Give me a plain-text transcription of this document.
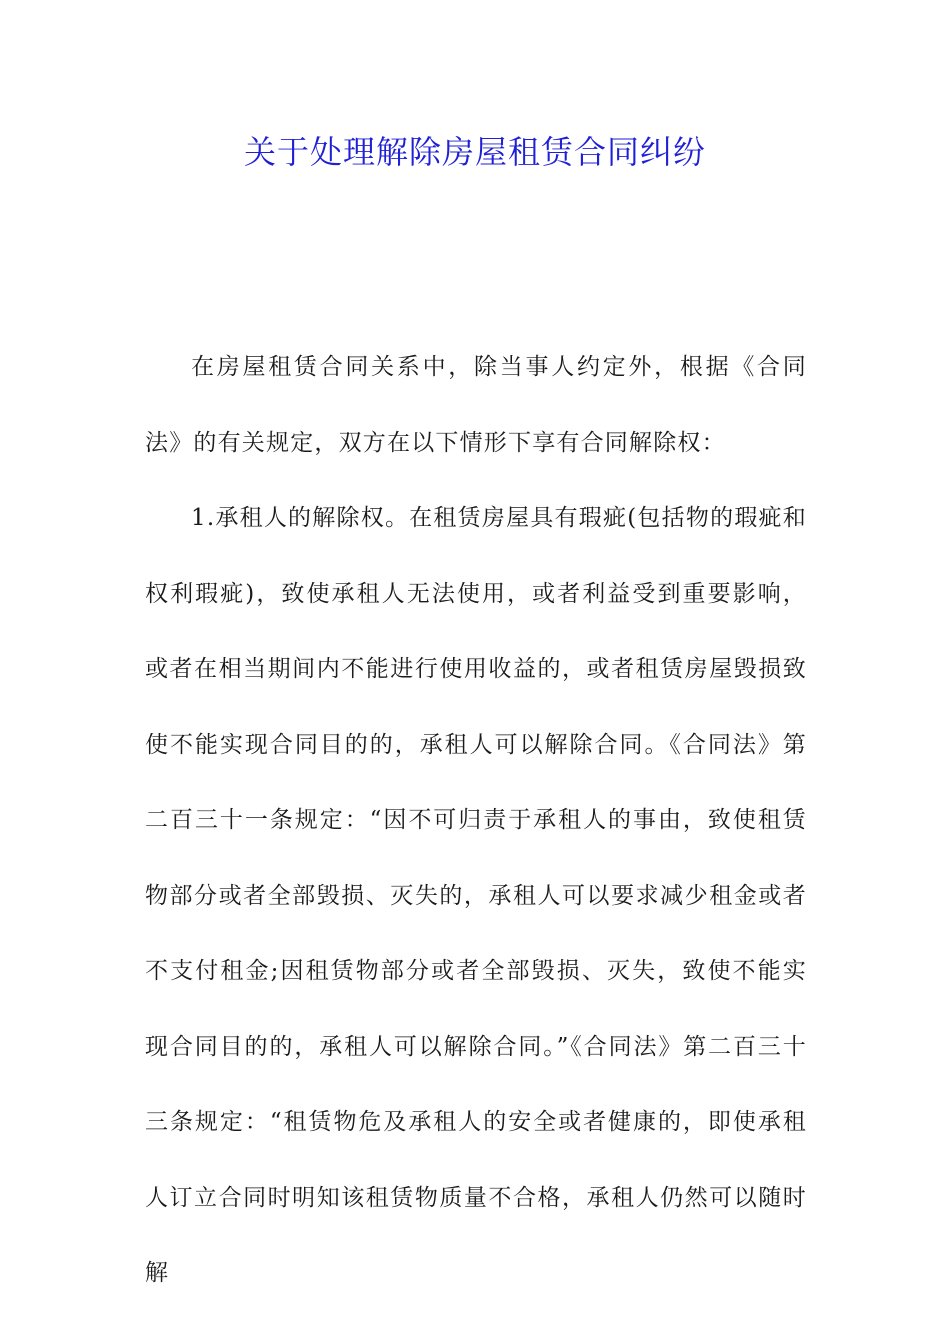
关于处理解除房屋租赁合同纠纷

在房屋租赁合同关系中，除当事人约定外，根据《合同法》的有关规定，双方在以下情形下享有合同解除权：

1.承租人的解除权。在租赁房屋具有瑕疵(包括物的瑕疵和权利瑕疵)，致使承租人无法使用，或者利益受到重要影响，或者在相当期间内不能进行使用收益的，或者租赁房屋毁损致使不能实现合同目的的，承租人可以解除合同。《合同法》第二百三十一条规定：“因不可归责于承租人的事由，致使租赁物部分或者全部毁损、灭失的，承租人可以要求减少租金或者不支付租金;因租赁物部分或者全部毁损、灭失，致使不能实现合同目的的，承租人可以解除合同。”《合同法》第二百三十三条规定：“租赁物危及承租人的安全或者健康的，即使承租人订立合同时明知该租赁物质量不合格，承租人仍然可以随时解
